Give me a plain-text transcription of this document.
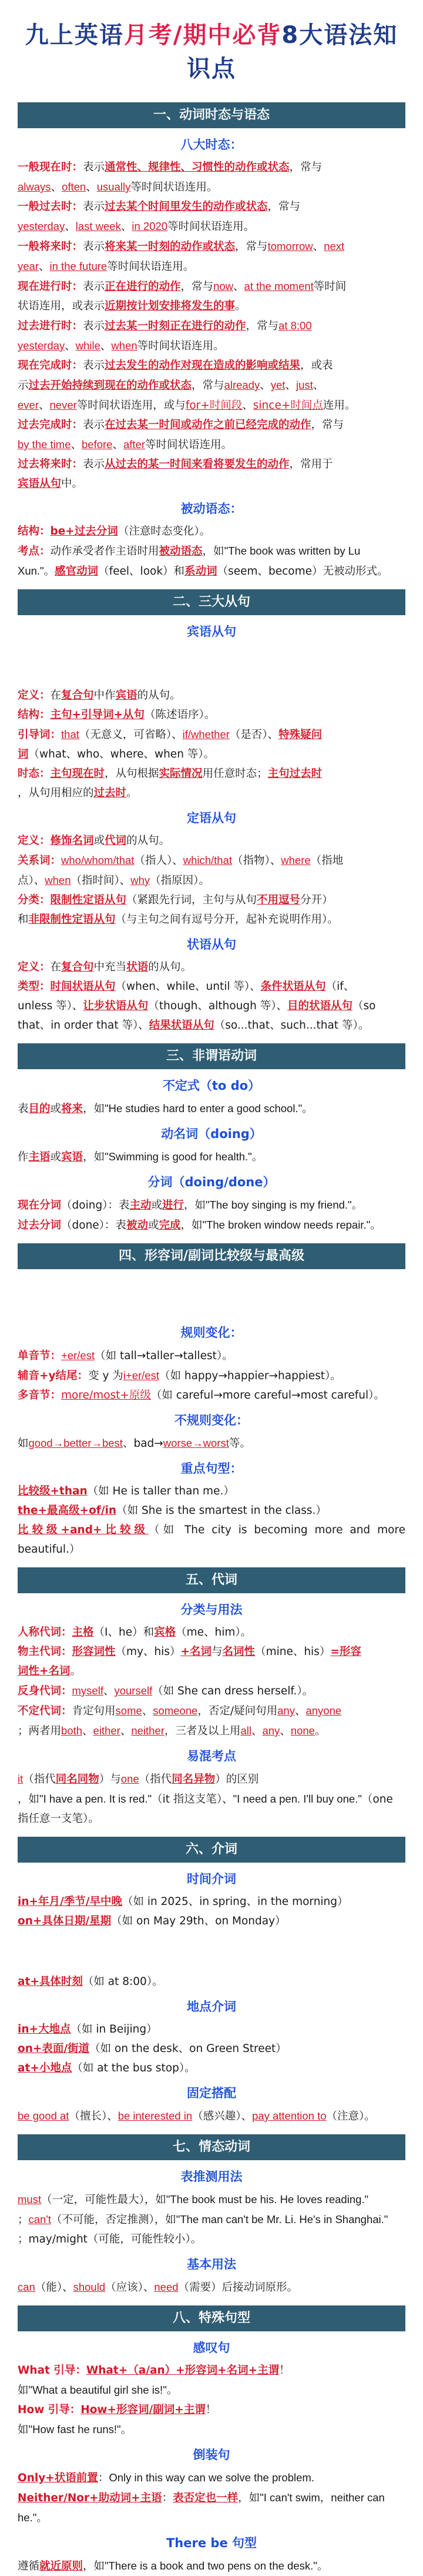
九上英语月考/期中必背8大语法知识点
一、动词时态与语态
八大时态：

一般现在时：表示通常性、规律性、习惯性的动作或状态，常与

always、often、usually等时间状语连用。

一般过去时：表示过去某个时间里发生的动作或状态，常与

yesterday、last week、in 2020等时间状语连用。

一般将来时：表示将来某一时刻的动作或状态，常与tomorrow、next

year、in the future等时间状语连用。

现在进行时：表示正在进行的动作，常与now、at the moment等时间

状语连用，或表示近期按计划安排将发生的事。

过去进行时：表示过去某一时刻正在进行的动作，常与at 8:00

yesterday、while、when等时间状语连用。

现在完成时：表示过去发生的动作对现在造成的影响或结果，或表

示过去开始持续到现在的动作或状态，常与already、yet、just、

ever、never等时间状语连用，或与for+时间段、since+时间点连用。

过去完成时：表示在过去某一时间或动作之前已经完成的动作，常与

by the time、before、after等时间状语连用。

过去将来时：表示从过去的某一时间来看将要发生的动作，常用于

宾语从句中。

被动语态：

结构：be+过去分词（注意时态变化）。

考点：动作承受者作主语时用被动语态，如"The book was written by Lu

Xun."。感官动词（feel、look）和系动词（seem、become）无被动形式。

二、三大从句
宾语从句

定义：在复合句中作宾语的从句。

结构：主句+引导词+从句（陈述语序）。

引导词：that（无意义，可省略）、if/whether（是否）、特殊疑问

词（what、who、where、when 等）。

时态：主句现在时，从句根据实际情况用任意时态；主句过去时

，从句用相应的过去时。

定语从句

定义：修饰名词或代词的从句。

关系词：who/whom/that（指人）、which/that（指物）、where（指地

点）、when（指时间）、why（指原因）。

分类：限制性定语从句（紧跟先行词，主句与从句不用逗号分开）

和非限制性定语从句（与主句之间有逗号分开，起补充说明作用）。

状语从句

定义：在复合句中充当状语的从句。

类型：时间状语从句（when、while、until 等）、条件状语从句（if、

unless 等）、让步状语从句（though、although 等）、目的状语从句（so

that、in order that 等）、结果状语从句（so...that、such...that 等）。

三、非谓语动词
不定式（to do）

表目的或将来，如"He studies hard to enter a good school."。

动名词（doing）

作主语或宾语，如"Swimming is good for health."。

分词（doing/done）

现在分词（doing）：表主动或进行，如"The boy singing is my friend."。

过去分词（done）：表被动或完成，如"The broken window needs repair."。

四、形容词/副词比较级与最高级
规则变化：

单音节：+er/est（如 tall→taller→tallest）。

辅音+y结尾：变 y 为i+er/est（如 happy→happier→happiest）。

多音节：more/most+原级（如 careful→more careful→most careful）。

不规则变化：

如good→better→best、bad→worse→worst等。

重点句型：

比较级+than（如 He is taller than me.）

the+最高级+of/in（如 She is the smartest in the class.）

比较级+and+比较级（如 The city is becoming more and more beautiful.）

五、代词
分类与用法

人称代词：主格（I、he）和宾格（me、him）。

物主代词：形容词性（my、his）+名词与名词性（mine、his）=形容

词性+名词。

反身代词：myself、yourself（如 She can dress herself.）。

不定代词：肯定句用some、someone，否定/疑问句用any、anyone

；两者用both、either、neither，三者及以上用all、any、none。

易混考点

it（指代同名同物）与one（指代同名异物）的区别

，如"I have a pen. It is red."（it 指这支笔）、"I need a pen. I'll buy one."（one

指任意一支笔）。

六、介词
时间介词

in+年月/季节/早中晚（如 in 2025、in spring、in the morning）

on+具体日期/星期（如 on May 29th、on Monday）

at+具体时刻（如 at 8:00）。

地点介词

in+大地点（如 in Beijing）

on+表面/街道（如 on the desk、on Green Street）

at+小地点（如 at the bus stop）。

固定搭配

be good at（擅长）、be interested in（感兴趣）、pay attention to（注意）。

七、情态动词
表推测用法

must（一定，可能性最大），如"The book must be his. He loves reading."

；can't（不可能，否定推测），如"The man can't be Mr. Li. He's in Shanghai."

；may/might（可能，可能性较小）。

基本用法

can（能）、should（应该）、need（需要）后接动词原形。

八、特殊句型
感叹句

What 引导：What+（a/an）+形容词+名词+主谓！

如"What a beautiful girl she is!"。

How 引导：How+形容词/副词+主谓！

如"How fast he runs!"。

倒装句

Only+状语前置：Only in this way can we solve the problem.

Neither/Nor+助动词+主语：表否定也一样，如"I can't swim，neither can

he."。

There be 句型

遵循就近原则，如"There is a book and two pens on the desk."。
